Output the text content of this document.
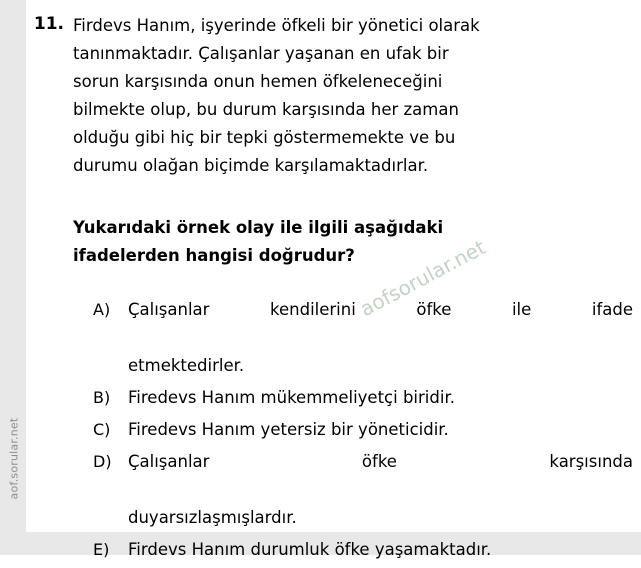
aof.sorular.net
11. Firdevs Hanım, işyerinde öfkeli bir yönetici olarak
tanınmaktadır. Çalışanlar yaşanan en ufak bir
sorun karşısında onun hemen öfkeleneceğini
bilmekte olup, bu durum karşısında her zaman
olduğu gibi hiç bir tepki göstermemekte ve bu
durumu olağan biçimde karşılamaktadırlar.
Yukarıdaki örnek olay ile ilgili aşağıdaki
ifadelerden hangisi doğrudur?
A)	Çalışanlar kendilerini öfke ile ifade
etmektedirler.
B)	Firedevs Hanım mükemmeliyetçi biridir.
C)	Firedevs Hanım yetersiz bir yöneticidir.
D) Çalışanlar öfke karşısında
duyarsızlaşmışlardır.
E)	Firdevs Hanım durumluk öfke yaşamaktadır.
aofsorular.net
